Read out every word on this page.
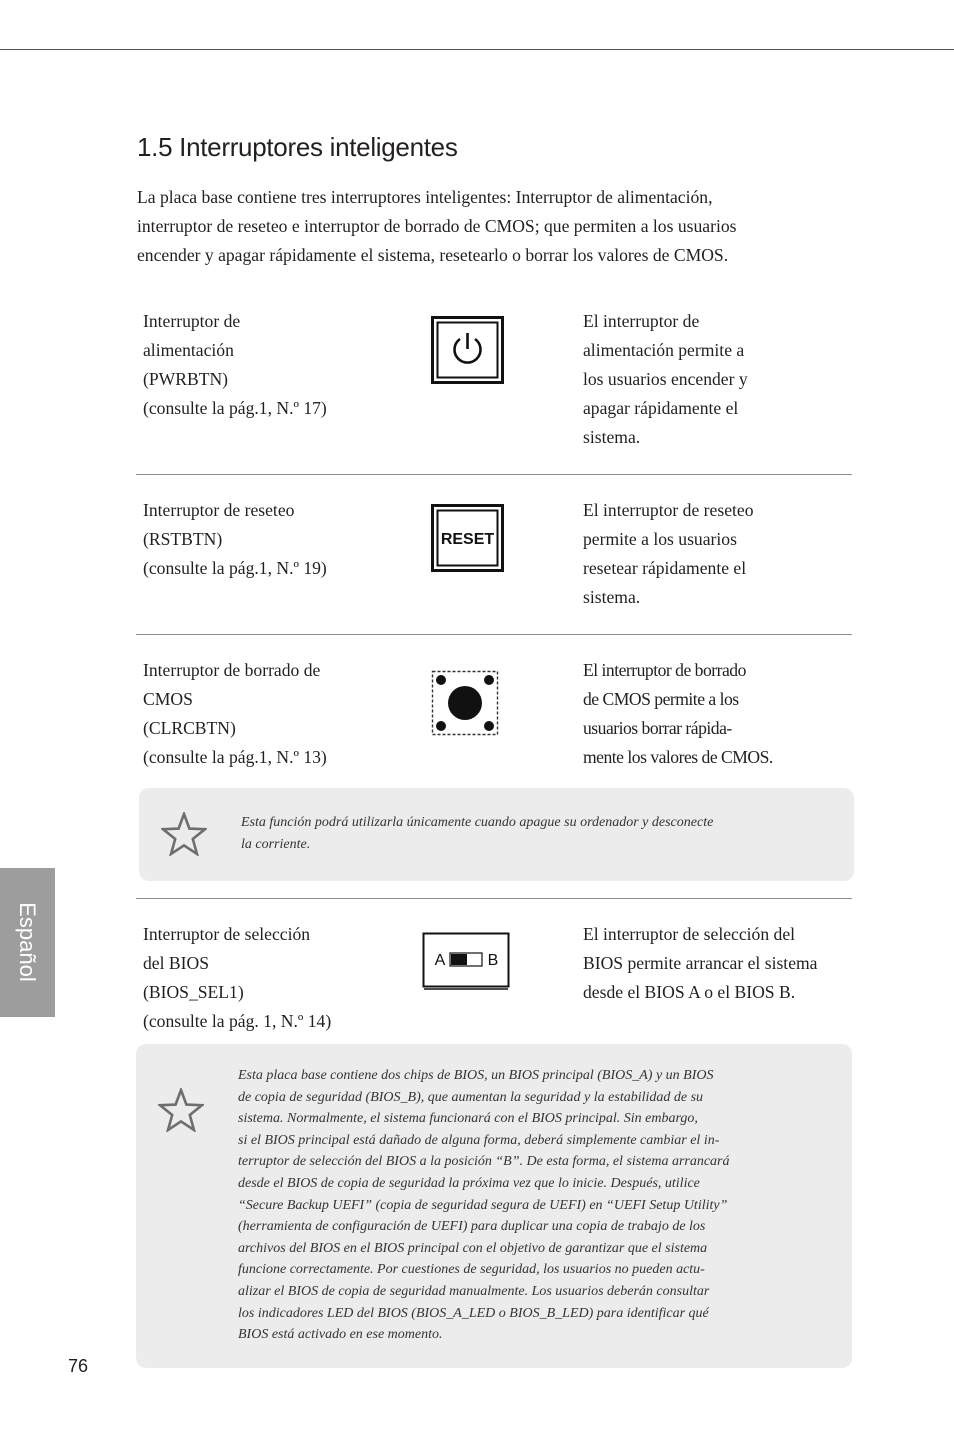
1.5 Interruptores inteligentes

La placa base contiene tres interruptores inteligentes: Interruptor de alimentación,
interruptor de reseteo e interruptor de borrado de CMOS; que permiten a los usuarios
encender y apagar rápidamente el sistema, resetearlo o borrar los valores de CMOS.

Interruptor de
alimentación
(PWRBTN)
(consulte la pág.1, N.º 17)
El interruptor de
alimentación permite a
los usuarios encender y
apagar rápidamente el
sistema.
Interruptor de reseteo
(RSTBTN)
(consulte la pág.1, N.º 19)
RESET
El interruptor de reseteo
permite a los usuarios
resetear rápidamente el
sistema.
Interruptor de borrado de
CMOS
(CLRCBTN)
(consulte la pág.1, N.º 13)
El interruptor de borrado
de CMOS permite a los
usuarios borrar rápida-
mente los valores de CMOS.
Esta función podrá utilizarla únicamente cuando apague su ordenador y desconecte
la corriente.
Interruptor de selección
del BIOS
(BIOS_SEL1)
(consulte la pág. 1, N.º 14)
A	B
El interruptor de selección del
BIOS permite arrancar el sistema
desde el BIOS A o el BIOS B.
Esta placa base contiene dos chips de BIOS, un BIOS principal (BIOS_A) y un BIOS
de copia de seguridad (BIOS_B), que aumentan la seguridad y la estabilidad de su
sistema. Normalmente, el sistema funcionará con el BIOS principal. Sin embargo,
si el BIOS principal está dañado de alguna forma, deberá simplemente cambiar el in-
terruptor de selección del BIOS a la posición “B”. De esta forma, el sistema arrancará
desde el BIOS de copia de seguridad la próxima vez que lo inicie. Después, utilice
“Secure Backup UEFI” (copia de seguridad segura de UEFI) en “UEFI Setup Utility”
(herramienta de configuración de UEFI) para duplicar una copia de trabajo de los
archivos del BIOS en el BIOS principal con el objetivo de garantizar que el sistema
funcione correctamente. Por cuestiones de seguridad, los usuarios no pueden actu-
alizar el BIOS de copia de seguridad manualmente. Los usuarios deberán consultar
los indicadores LED del BIOS (BIOS_A_LED o BIOS_B_LED) para identificar qué
BIOS está activado en ese momento.
Español
76
